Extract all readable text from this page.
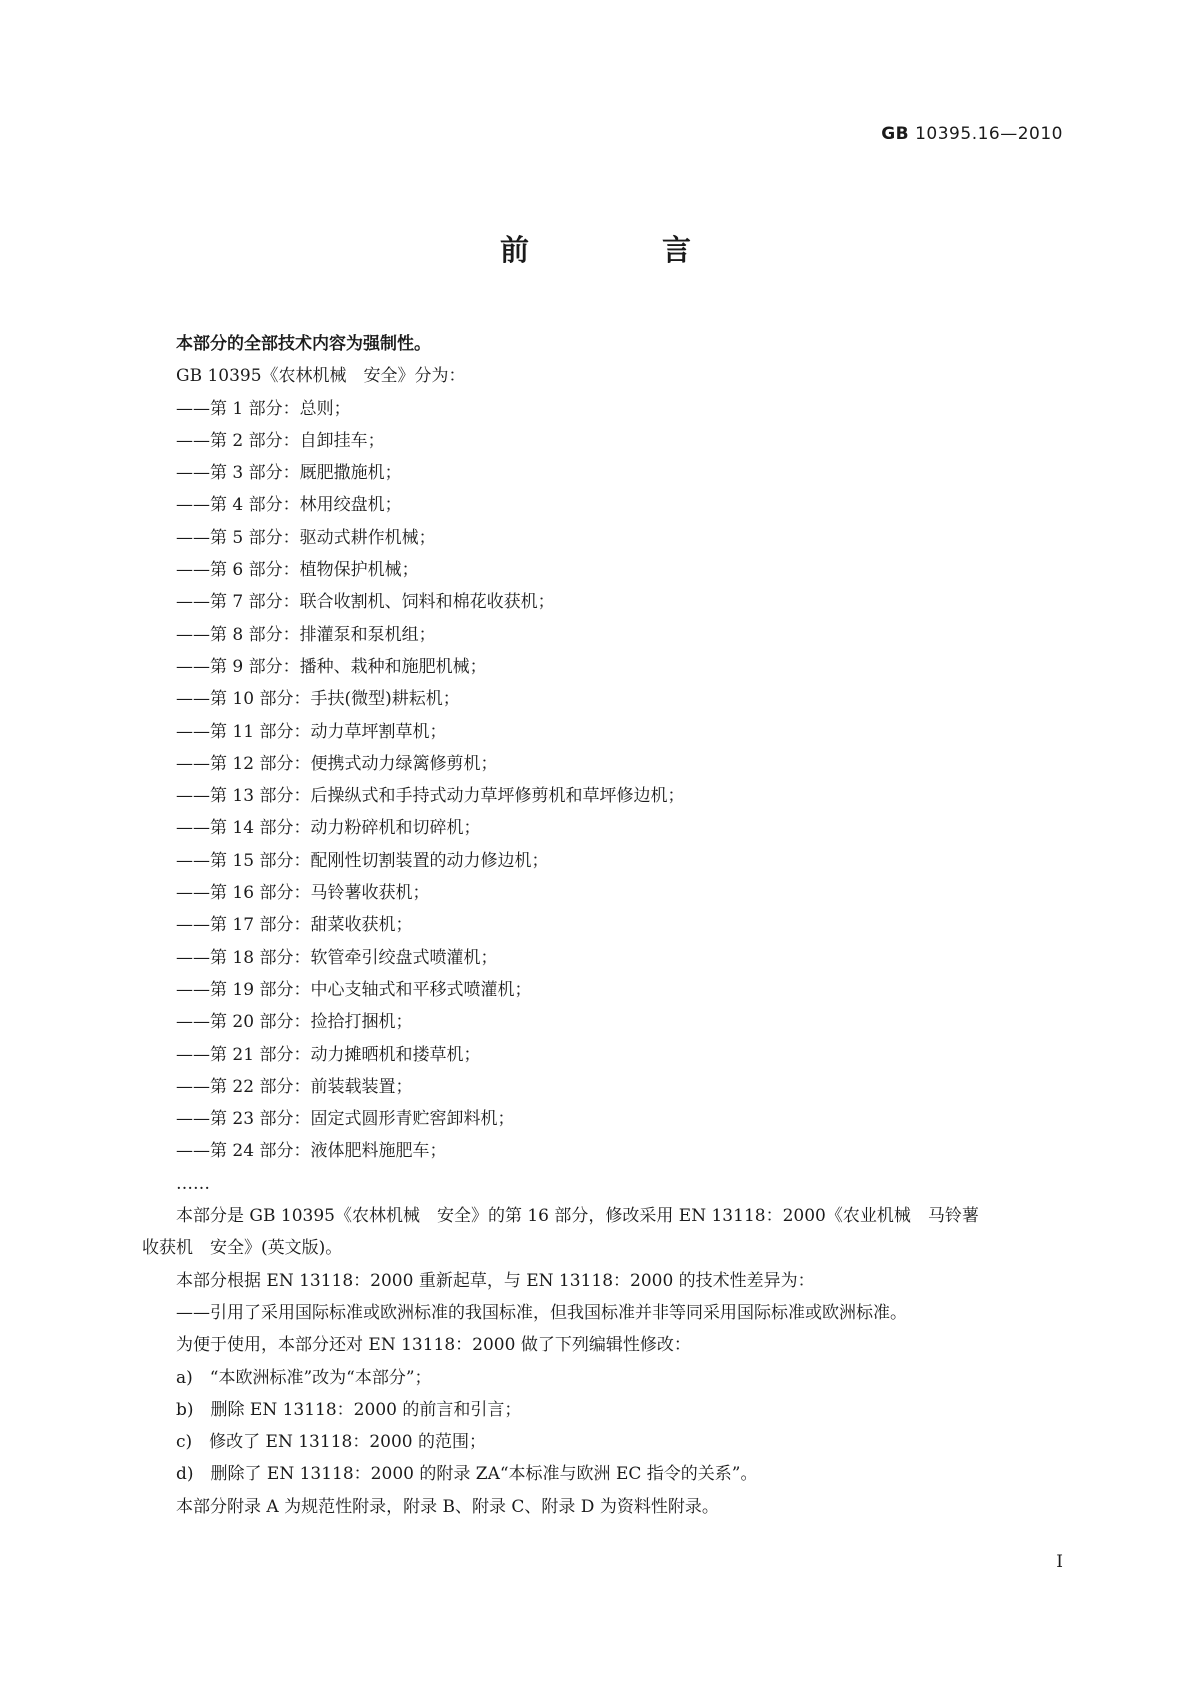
GB 10395.16—2010
前　言
本部分的全部技术内容为强制性。
GB 10395《农林机械　安全》分为：
——第 1 部分：总则；
——第 2 部分：自卸挂车；
——第 3 部分：厩肥撒施机；
——第 4 部分：林用绞盘机；
——第 5 部分：驱动式耕作机械；
——第 6 部分：植物保护机械；
——第 7 部分：联合收割机、饲料和棉花收获机；
——第 8 部分：排灌泵和泵机组；
——第 9 部分：播种、栽种和施肥机械；
——第 10 部分：手扶(微型)耕耘机；
——第 11 部分：动力草坪割草机；
——第 12 部分：便携式动力绿篱修剪机；
——第 13 部分：后操纵式和手持式动力草坪修剪机和草坪修边机；
——第 14 部分：动力粉碎机和切碎机；
——第 15 部分：配刚性切割装置的动力修边机；
——第 16 部分：马铃薯收获机；
——第 17 部分：甜菜收获机；
——第 18 部分：软管牵引绞盘式喷灌机；
——第 19 部分：中心支轴式和平移式喷灌机；
——第 20 部分：捡拾打捆机；
——第 21 部分：动力摊晒机和搂草机；
——第 22 部分：前装载装置；
——第 23 部分：固定式圆形青贮窖卸料机；
——第 24 部分：液体肥料施肥车；
……
本部分是 GB 10395《农林机械　安全》的第 16 部分，修改采用 EN 13118：2000《农业机械　马铃薯
收获机　安全》(英文版)。
本部分根据 EN 13118：2000 重新起草，与 EN 13118：2000 的技术性差异为：
——引用了采用国际标准或欧洲标准的我国标准，但我国标准并非等同采用国际标准或欧洲标准。
为便于使用，本部分还对 EN 13118：2000 做了下列编辑性修改：
a)　“本欧洲标准”改为“本部分”；
b)　删除 EN 13118：2000 的前言和引言；
c)　修改了 EN 13118：2000 的范围；
d)　删除了 EN 13118：2000 的附录 ZA“本标准与欧洲 EC 指令的关系”。
本部分附录 A 为规范性附录，附录 B、附录 C、附录 D 为资料性附录。
I
